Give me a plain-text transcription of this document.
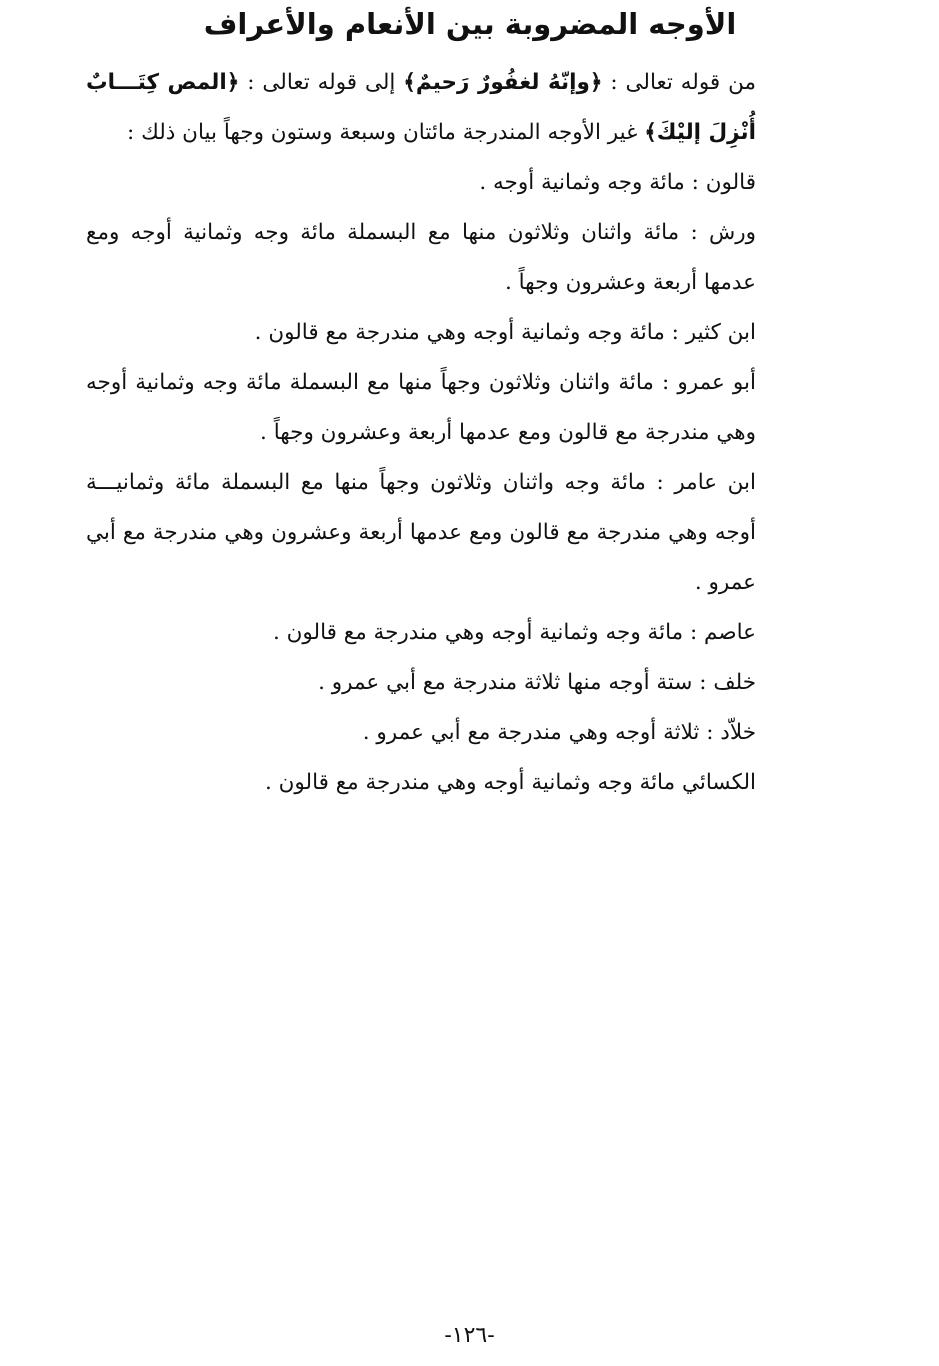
الأوجه المضروبة بين الأنعام والأعراف

من قوله تعالى : ﴿وإنّهُ لغفُورٌ رَحيمٌ﴾ إلى قوله تعالى : ﴿المص كِتَـــابٌ أُنْزِلَ إليْكَ﴾ غير الأوجه المندرجة مائتان وسبعة وستون وجهاً بيان ذلك :

قالون : مائة وجه وثمانية أوجه .

ورش : مائة واثنان وثلاثون منها مع البسملة مائة وجه وثمانية أوجه ومع عدمها أربعة وعشرون وجهاً .

ابن كثير : مائة وجه وثمانية أوجه وهي مندرجة مع قالون .

أبو عمرو : مائة واثنان وثلاثون وجهاً منها مع البسملة مائة وجه وثمانية أوجه وهي مندرجة مع قالون ومع عدمها أربعة وعشرون وجهاً .

ابن عامر : مائة وجه واثنان وثلاثون وجهاً منها مع البسملة مائة وثمانيـــة أوجه وهي مندرجة مع قالون ومع عدمها أربعة وعشرون وهي مندرجة مع أبي عمرو .

عاصم : مائة وجه وثمانية أوجه وهي مندرجة مع قالون .

خلف : ستة أوجه منها ثلاثة مندرجة مع أبي عمرو .

خلاّد : ثلاثة أوجه وهي مندرجة مع أبي عمرو .

الكسائي مائة وجه وثمانية أوجه وهي مندرجة مع قالون .

-١٢٦-
